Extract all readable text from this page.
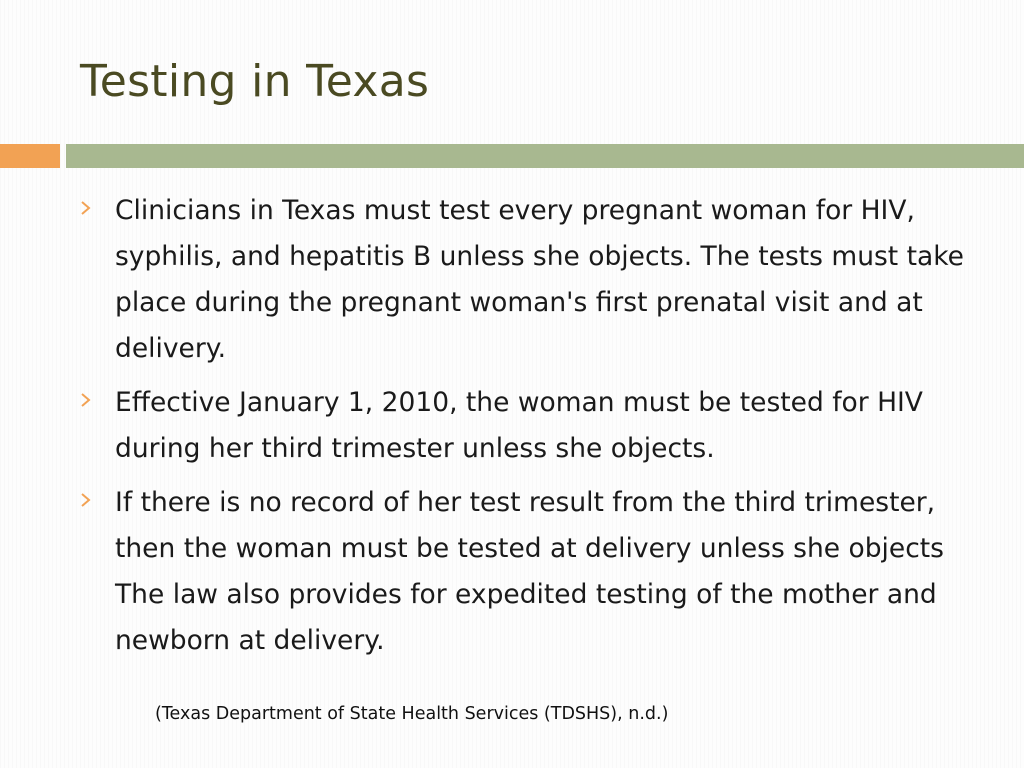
Testing in Texas
Clinicians in Texas must test every pregnant woman for HIV, syphilis, and hepatitis B unless she objects. The tests must take place during the pregnant woman's first prenatal visit and at delivery.
Effective January 1, 2010, the woman must be tested for HIV during her third trimester unless she objects.
If there is no record of her test result from the third trimester, then the woman must be tested at delivery unless she objects The law also provides for expedited testing of the mother and newborn at delivery.
(Texas Department of State Health Services (TDSHS), n.d.)
